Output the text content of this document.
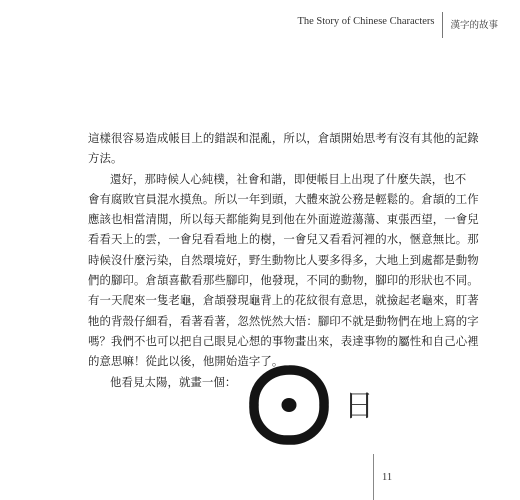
The Story of Chinese Characters	漢字的故事
這樣很容易造成帳目上的錯誤和混亂，所以，倉頡開始思考有沒有其他的記錄
方法。
還好，那時候人心純樸，社會和諧，即便帳目上出現了什麼失誤，也不
會有腐敗官員混水摸魚。所以一年到頭，大體來說公務是輕鬆的。倉頡的工作
應該也相當清閒，所以每天都能夠見到他在外面遊遊蕩蕩、東張西望，一會兒
看看天上的雲，一會兒看看地上的樹，一會兒又看看河裡的水，愜意無比。那
時候沒什麼污染，自然環境好，野生動物比人要多得多，大地上到處都是動物
們的腳印。倉頡喜歡看那些腳印，他發現，不同的動物，腳印的形狀也不同。
有一天爬來一隻老龜，倉頡發現龜背上的花紋很有意思，就撿起老龜來，盯著
牠的背殼仔細看，看著看著，忽然恍然大悟：腳印不就是動物們在地上寫的字
嗎？我們不也可以把自己眼見心想的事物畫出來，表達事物的屬性和自己心裡
的意思嘛！從此以後，他開始造字了。
他看見太陽，就畫一個：
日
11
